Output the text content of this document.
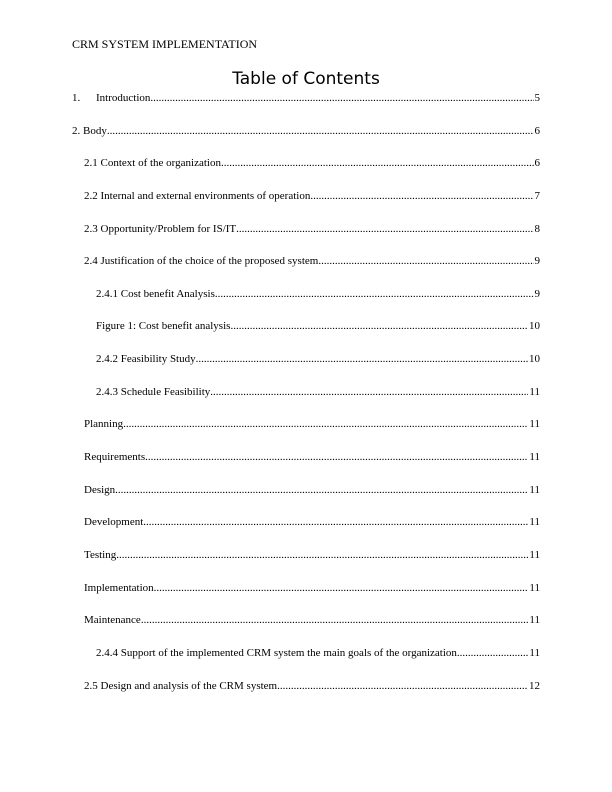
CRM SYSTEM IMPLEMENTATION
Table of Contents
1.	Introduction .....	5
2. Body .....	6
2.1 Context of the organization .....	6
2.2 Internal and external environments of operation .....	7
2.3 Opportunity/Problem for IS/IT .....	8
2.4 Justification of the choice of the proposed system .....	9
2.4.1 Cost benefit Analysis .....	9
Figure 1: Cost benefit analysis .....	10
2.4.2 Feasibility Study .....	10
2.4.3 Schedule Feasibility .....	11
Planning .....	11
Requirements .....	11
Design .....	11
Development .....	11
Testing .....	11
Implementation .....	11
Maintenance .....	11
2.4.4 Support of the implemented CRM system the main goals of the organization .....	11
2.5 Design and analysis of the CRM system .....	12
